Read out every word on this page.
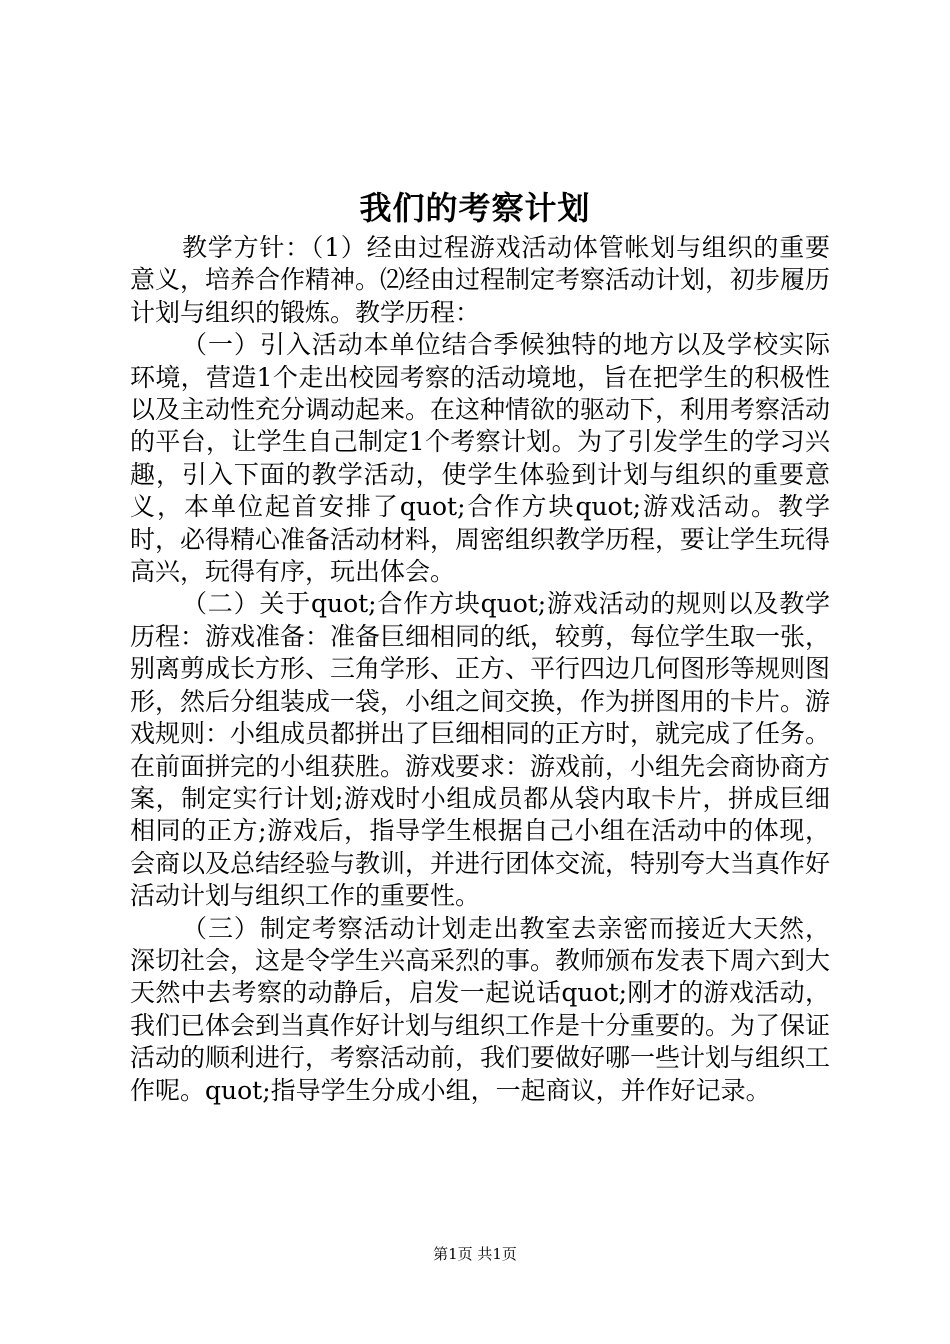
我们的考察计划

教学方针：（1）经由过程游戏活动体管帐划与组织的重要意义，培养合作精神。⑵经由过程制定考察活动计划，初步履历计划与组织的锻炼。教学历程：

（一）引入活动本单位结合季候独特的地方以及学校实际环境，营造1个走出校园考察的活动境地，旨在把学生的积极性以及主动性充分调动起来。在这种情欲的驱动下，利用考察活动的平台，让学生自己制定1个考察计划。为了引发学生的学习兴趣，引入下面的教学活动，使学生体验到计划与组织的重要意义，本单位起首安排了quot;合作方块quot;游戏活动。教学时，必得精心准备活动材料，周密组织教学历程，要让学生玩得高兴，玩得有序，玩出体会。

（二）关于quot;合作方块quot;游戏活动的规则以及教学历程：游戏准备：准备巨细相同的纸，较剪，每位学生取一张，别离剪成长方形、三角学形、正方、平行四边几何图形等规则图形，然后分组装成一袋，小组之间交换，作为拼图用的卡片。游戏规则：小组成员都拼出了巨细相同的正方时，就完成了任务。在前面拼完的小组获胜。游戏要求：游戏前，小组先会商协商方案，制定实行计划;游戏时小组成员都从袋内取卡片，拼成巨细相同的正方;游戏后，指导学生根据自己小组在活动中的体现，会商以及总结经验与教训，并进行团体交流，特别夸大当真作好活动计划与组织工作的重要性。

（三）制定考察活动计划走出教室去亲密而接近大天然，深切社会，这是令学生兴高采烈的事。教师颁布发表下周六到大天然中去考察的动静后，启发一起说话quot;刚才的游戏活动，我们已体会到当真作好计划与组织工作是十分重要的。为了保证活动的顺利进行，考察活动前，我们要做好哪一些计划与组织工作呢。quot;指导学生分成小组，一起商议，并作好记录。

第1页 共1页
